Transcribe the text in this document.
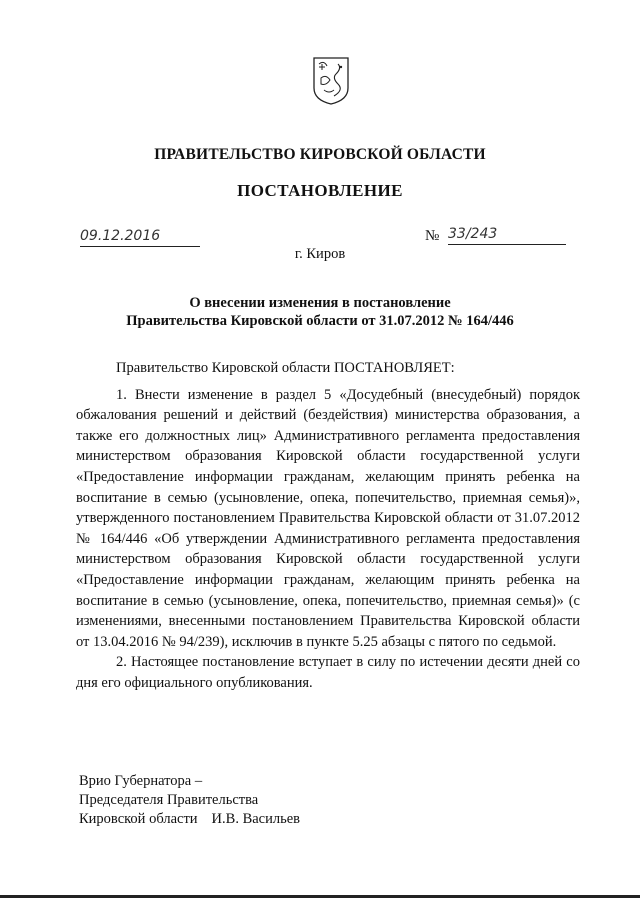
ПРАВИТЕЛЬСТВО КИРОВСКОЙ ОБЛАСТИ
ПОСТАНОВЛЕНИЕ
09.12.2016	№ 33/243
г. Киров
О внесении изменения в постановление
Правительства Кировской области от 31.07.2012 № 164/446

Правительство Кировской области ПОСТАНОВЛЯЕТ:

1. Внести изменение в раздел 5 «Досудебный (внесудебный) порядок обжалования решений и действий (бездействия) министерства образования, а также его должностных лиц» Административного регламента предоставления министерством образования Кировской области государственной услуги «Предоставление информации гражданам, желающим принять ребенка на воспитание в семью (усыновление, опека, попечительство, приемная семья)», утвержденного постановлением Правительства Кировской области от 31.07.2012 № 164/446 «Об утверждении Административного регламента предоставления министерством образования Кировской области государственной услуги «Предоставление информации гражданам, желающим принять ребенка на воспитание в семью (усыновление, опека, попечительство, приемная семья)» (с изменениями, внесенными постановлением Правительства Кировской области от 13.04.2016 № 94/239), исключив в пункте 5.25 абзацы с пятого по седьмой.

2. Настоящее постановление вступает в силу по истечении десяти дней со дня его официального опубликования.

Врио Губернатора –
Председателя Правительства
Кировской области И.В. Васильев
